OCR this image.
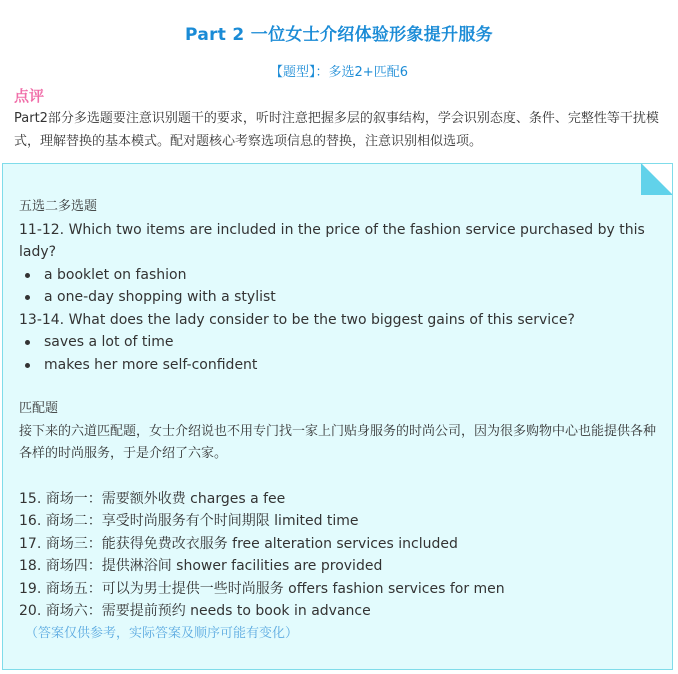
Part 2 一位女士介绍体验形象提升服务
【题型】：多选2+匹配6
点评
Part2部分多选题要注意识别题干的要求，听时注意把握多层的叙事结构，学会识别态度、条件、完整性等干扰模式，理解替换的基本模式。配对题核心考察选项信息的替换，注意识别相似选项。

五选二多选题

11-12. Which two items are included in the price of the fashion service purchased by this lady?

a booklet on fashion
a one-day shopping with a stylist

13-14. What does the lady consider to be the two biggest gains of this service?

saves a lot of time
makes her more self-confident

匹配题

接下来的六道匹配题，女士介绍说也不用专门找一家上门贴身服务的时尚公司，因为很多购物中心也能提供各种各样的时尚服务，于是介绍了六家。

15. 商场一：需要额外收费 charges a fee

16. 商场二：享受时尚服务有个时间期限 limited time

17. 商场三：能获得免费改衣服务 free alteration services included

18. 商场四：提供淋浴间 shower facilities are provided

19. 商场五：可以为男士提供一些时尚服务 offers fashion services for men

20. 商场六：需要提前预约 needs to book in advance

（答案仅供参考，实际答案及顺序可能有变化）
